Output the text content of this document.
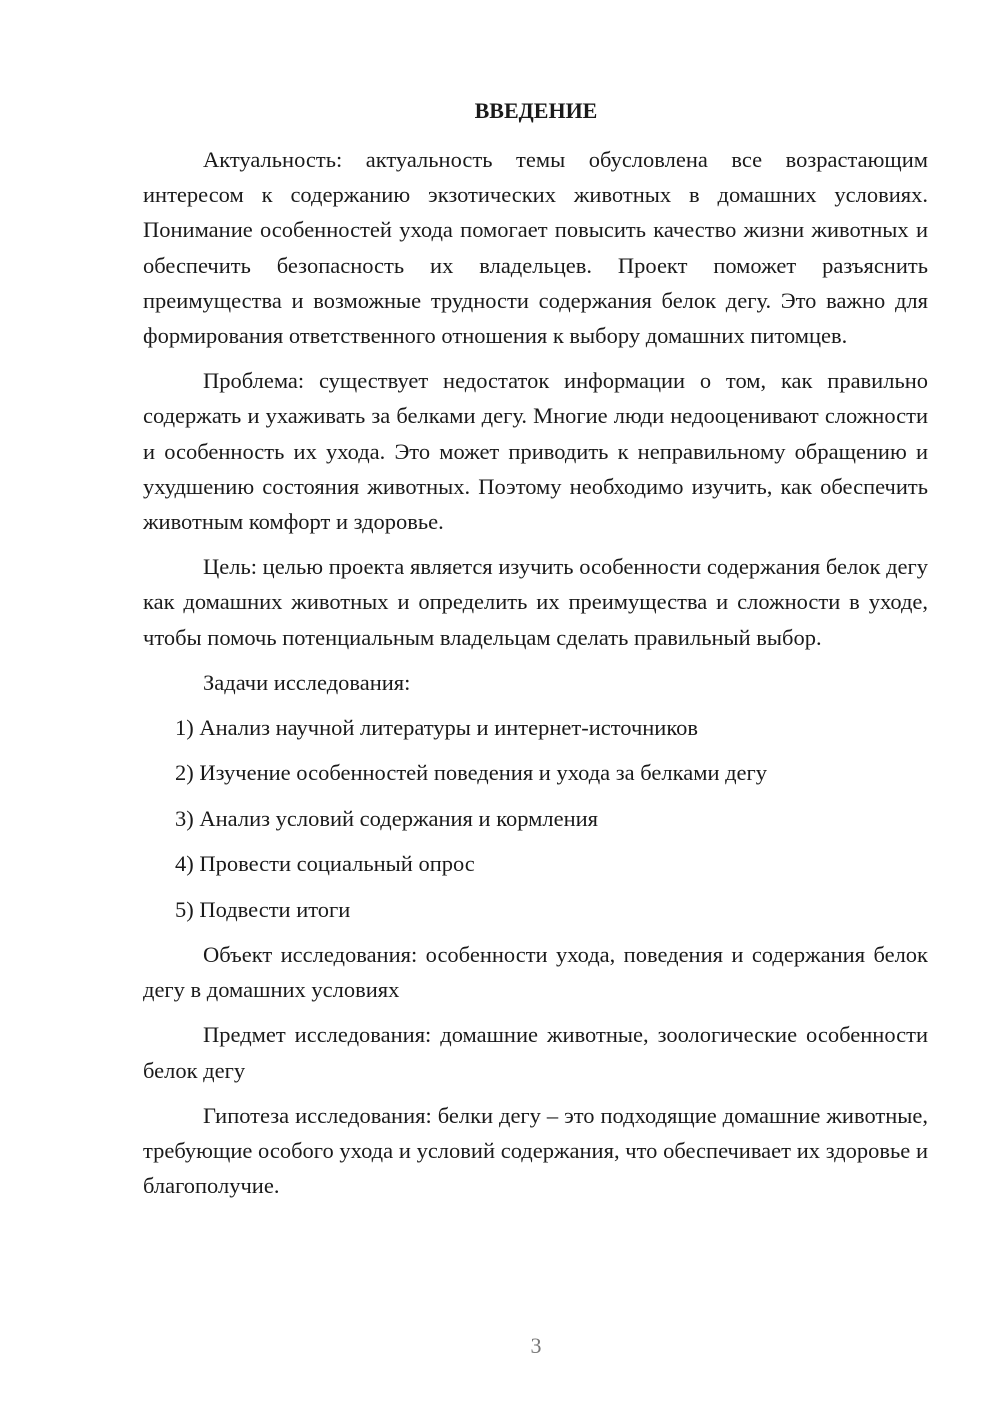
ВВЕДЕНИЕ

Актуальность: актуальность темы обусловлена все возрастающим интересом к содержанию экзотических животных в домашних условиях. Понимание особенностей ухода помогает повысить качество жизни животных и обеспечить безопасность их владельцев. Проект поможет разъяснить преимущества и возможные трудности содержания белок дегу. Это важно для формирования ответственного отношения к выбору домашних питомцев.

Проблема: существует недостаток информации о том, как правильно содержать и ухаживать за белками дегу. Многие люди недооценивают сложности и особенность их ухода. Это может приводить к неправильному обращению и ухудшению состояния животных. Поэтому необходимо изучить, как обеспечить животным комфорт и здоровье.

Цель: целью проекта является изучить особенности содержания белок дегу как домашних животных и определить их преимущества и сложности в уходе, чтобы помочь потенциальным владельцам сделать правильный выбор.

Задачи исследования:

1) Анализ научной литературы и интернет-источников
2) Изучение особенностей поведения и ухода за белками дегу
3) Анализ условий содержания и кормления
4) Провести социальный опрос
5) Подвести итоги

Объект исследования: особенности ухода, поведения и содержания белок дегу в домашних условиях

Предмет исследования: домашние животные, зоологические особенности белок дегу

Гипотеза исследования: белки дегу – это подходящие домашние животные, требующие особого ухода и условий содержания, что обеспечивает их здоровье и благополучие.

3
